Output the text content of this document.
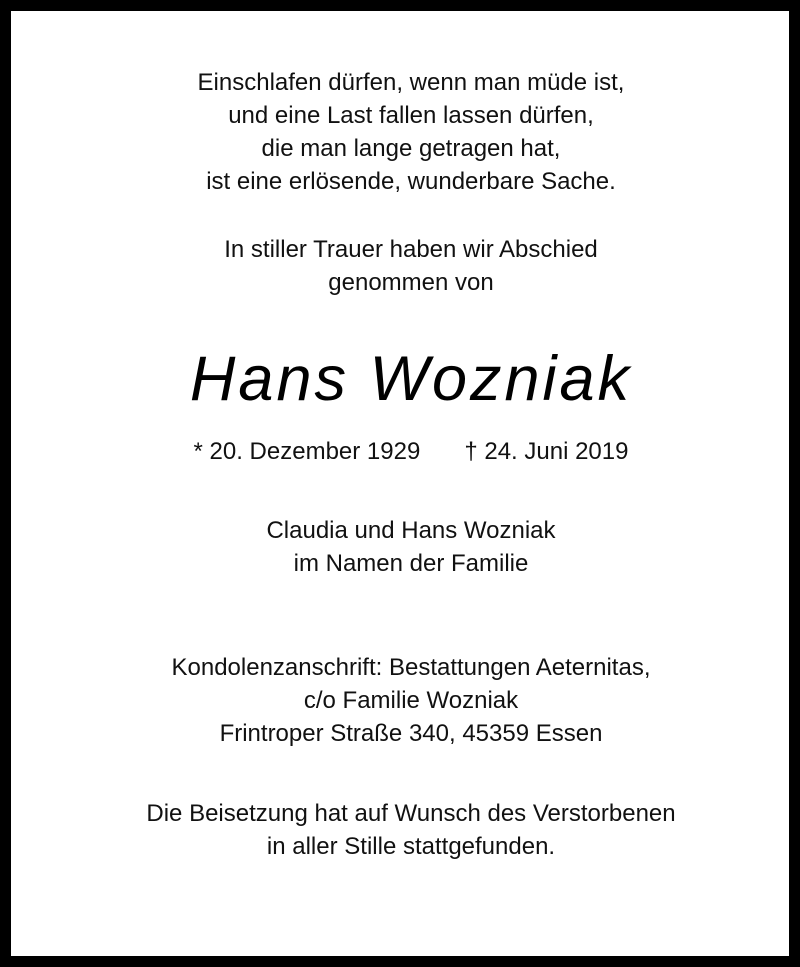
Einschlafen dürfen, wenn man müde ist,
und eine Last fallen lassen dürfen,
die man lange getragen hat,
ist eine erlösende, wunderbare Sache.
In stiller Trauer haben wir Abschied
genommen von
Hans Wozniak
* 20. Dezember 1929 † 24. Juni 2019
Claudia und Hans Wozniak
im Namen der Familie
Kondolenzanschrift: Bestattungen Aeternitas,
c/o Familie Wozniak
Frintroper Straße 340, 45359 Essen
Die Beisetzung hat auf Wunsch des Verstorbenen
in aller Stille stattgefunden.
